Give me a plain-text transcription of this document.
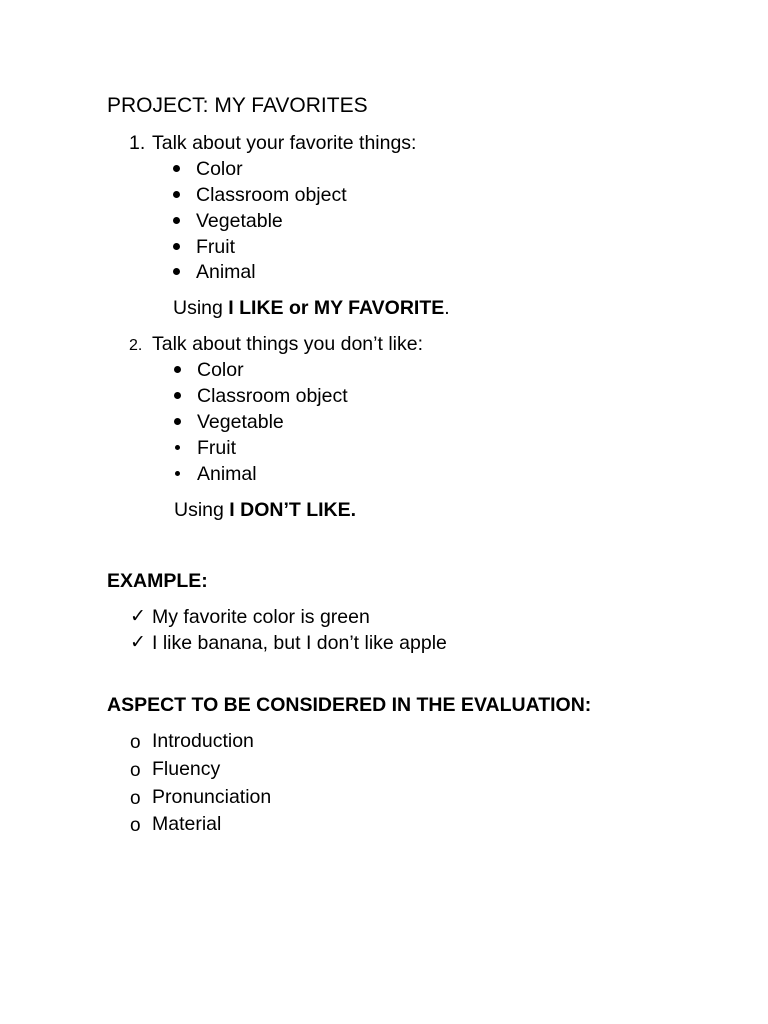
PROJECT: MY FAVORITES
1. Talk about your favorite things:
Color
Classroom object
Vegetable
Fruit
Animal
Using I LIKE or MY FAVORITE.
2. Talk about things you don’t like:
Color
Classroom object
Vegetable
Fruit
Animal
Using I DON’T LIKE.
EXAMPLE:
✓ My favorite color is green
✓ I like banana, but I don’t like apple
ASPECT TO BE CONSIDERED IN THE EVALUATION:
o Introduction
o Fluency
o Pronunciation
o Material
